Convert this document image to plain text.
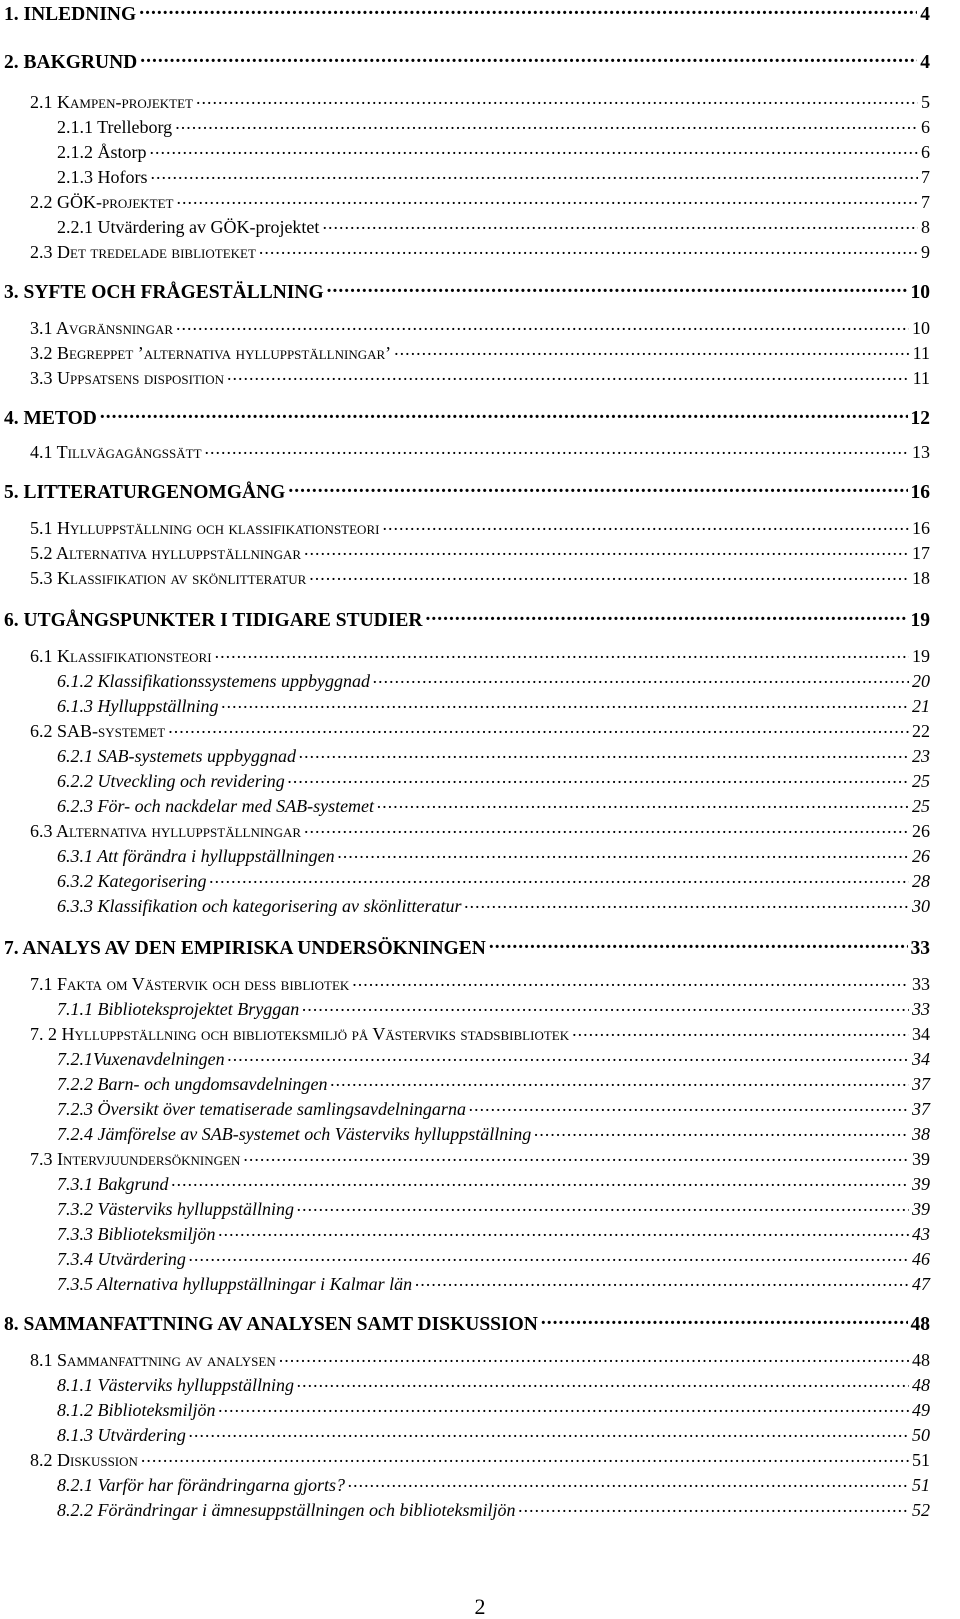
1. INLEDNING .....	4
2. BAKGRUND .....	4
2.1 Kampen-projektet .....	5
2.1.1 Trelleborg .....	6
2.1.2 Åstorp .....	6
2.1.3 Hofors .....	7
2.2 GÖK-projektet .....	7
2.2.1 Utvärdering av GÖK-projektet .....	8
2.3 Det tredelade biblioteket .....	9
3. SYFTE OCH FRÅGESTÄLLNING .....	10
3.1 Avgränsningar .....	10
3.2 Begreppet ’alternativa hylluppställningar’ .....	11
3.3 Uppsatsens disposition .....	11
4. METOD .....	12
4.1 Tillvägagångssätt .....	13
5. LITTERATURGENOMGÅNG .....	16
5.1 Hylluppställning och klassifikationsteori .....	16
5.2 Alternativa hylluppställningar .....	17
5.3 Klassifikation av skönlitteratur .....	18
6. UTGÅNGSPUNKTER I TIDIGARE STUDIER .....	19
6.1 Klassifikationsteori .....	19
6.1.2 Klassifikationssystemens uppbyggnad .....	20
6.1.3 Hylluppställning .....	21
6.2 SAB-systemet .....	22
6.2.1 SAB-systemets uppbyggnad .....	23
6.2.2 Utveckling och revidering .....	25
6.2.3 För- och nackdelar med SAB-systemet .....	25
6.3 Alternativa hylluppställningar .....	26
6.3.1 Att förändra i hylluppställningen .....	26
6.3.2 Kategorisering .....	28
6.3.3 Klassifikation och kategorisering av skönlitteratur .....	30
7. ANALYS AV DEN EMPIRISKA UNDERSÖKNINGEN .....	33
7.1 Fakta om Västervik och dess bibliotek .....	33
7.1.1 Biblioteksprojektet Bryggan .....	33
7. 2 Hylluppställning och biblioteksmiljö på Västerviks stadsbibliotek .....	34
7.2.1Vuxenavdelningen .....	34
7.2.2 Barn- och ungdomsavdelningen .....	37
7.2.3 Översikt över tematiserade samlingsavdelningarna .....	37
7.2.4 Jämförelse av SAB-systemet och Västerviks hylluppställning .....	38
7.3 Intervjuundersökningen .....	39
7.3.1 Bakgrund .....	39
7.3.2 Västerviks hylluppställning .....	39
7.3.3 Biblioteksmiljön .....	43
7.3.4 Utvärdering .....	46
7.3.5 Alternativa hylluppställningar i Kalmar län .....	47
8. SAMMANFATTNING AV ANALYSEN SAMT DISKUSSION .....	48
8.1 Sammanfattning av analysen .....	48
8.1.1 Västerviks hylluppställning .....	48
8.1.2 Biblioteksmiljön .....	49
8.1.3 Utvärdering .....	50
8.2 Diskussion .....	51
8.2.1 Varför har förändringarna gjorts? .....	51
8.2.2 Förändringar i ämnesuppställningen och biblioteksmiljön .....	52
2
